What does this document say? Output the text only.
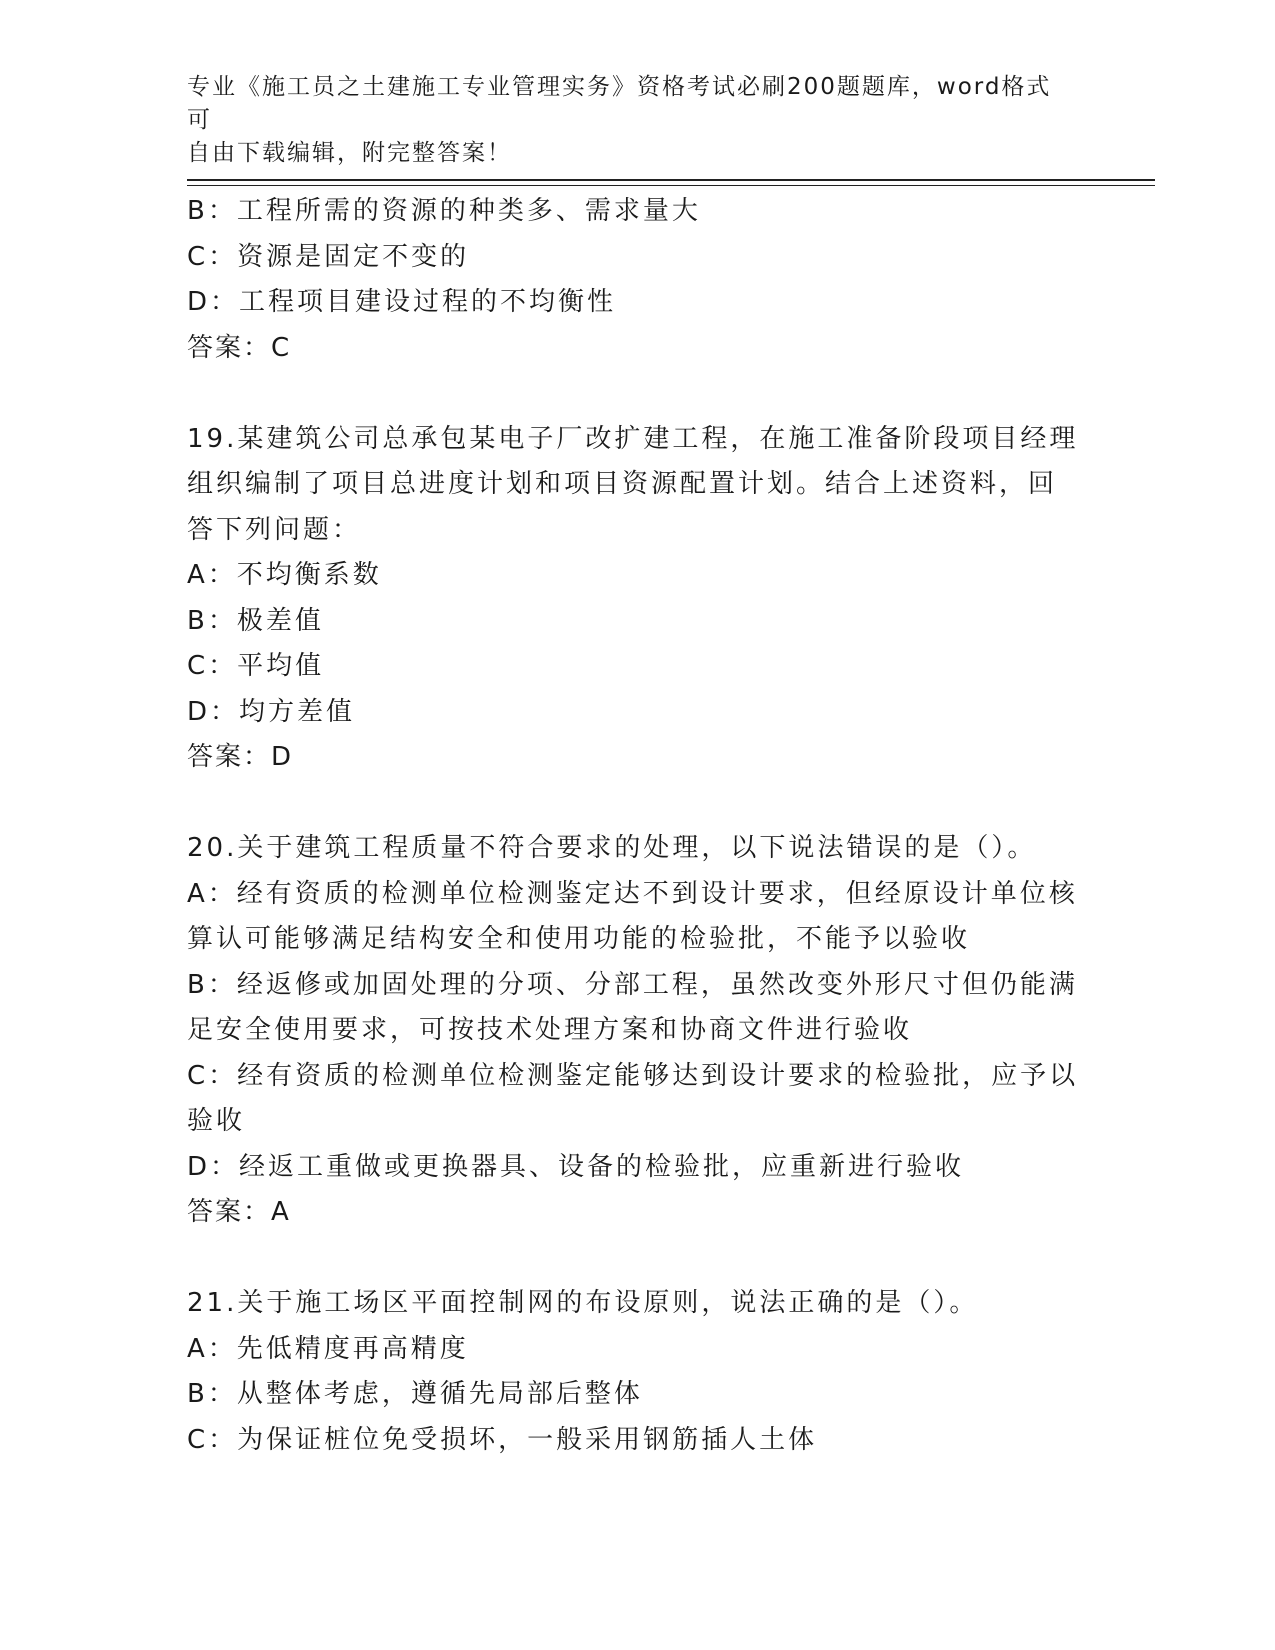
专业《施工员之土建施工专业管理实务》资格考试必刷200题题库，word格式可
自由下载编辑，附完整答案！
B：工程所需的资源的种类多、需求量大
C：资源是固定不变的
D：工程项目建设过程的不均衡性
答案：C
19.某建筑公司总承包某电子厂改扩建工程，在施工准备阶段项目经理
组织编制了项目总进度计划和项目资源配置计划。结合上述资料，回
答下列问题：
A：不均衡系数
B：极差值
C：平均值
D：均方差值
答案：D
20.关于建筑工程质量不符合要求的处理，以下说法错误的是（）。
A：经有资质的检测单位检测鉴定达不到设计要求，但经原设计单位核
算认可能够满足结构安全和使用功能的检验批，不能予以验收
B：经返修或加固处理的分项、分部工程，虽然改变外形尺寸但仍能满
足安全使用要求，可按技术处理方案和协商文件进行验收
C：经有资质的检测单位检测鉴定能够达到设计要求的检验批，应予以
验收
D：经返工重做或更换器具、设备的检验批，应重新进行验收
答案：A
21.关于施工场区平面控制网的布设原则，说法正确的是（）。
A：先低精度再高精度
B：从整体考虑，遵循先局部后整体
C：为保证桩位免受损坏，一般采用钢筋插人土体
